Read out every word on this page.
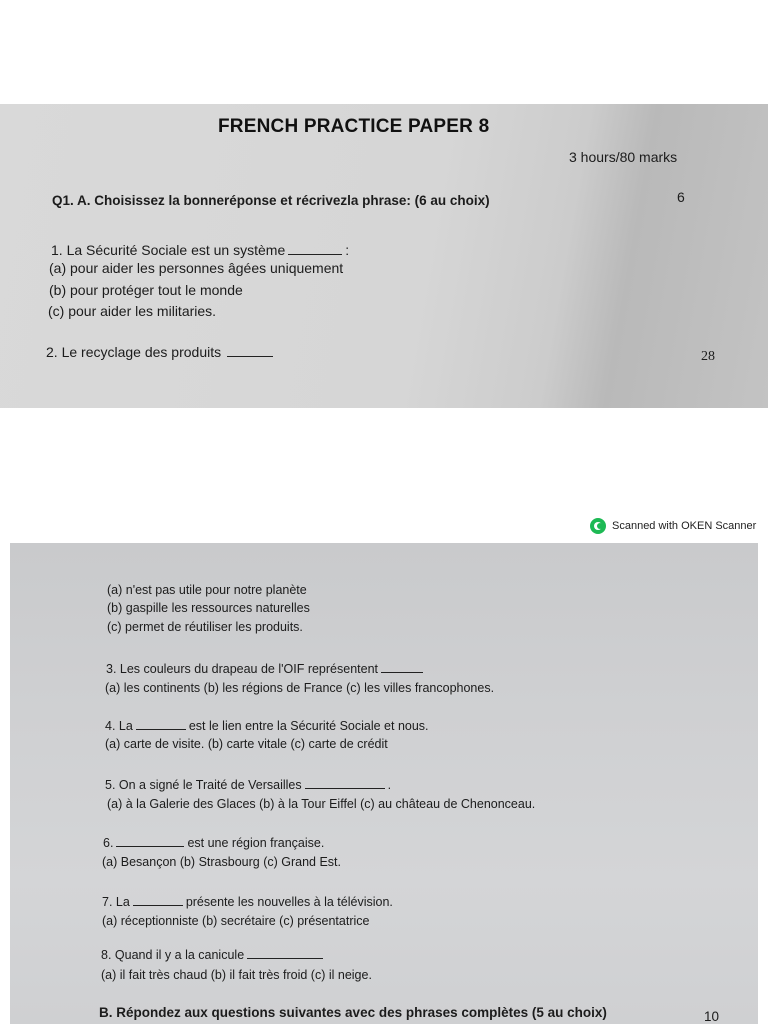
FRENCH PRACTICE PAPER 8
3 hours/80 marks
Q1. A. Choisissez la bonneréponse et récrivezla phrase: (6 au choix)	6
1. La Sécurité Sociale est un système	:
(a) pour aider les personnes âgées uniquement
(b) pour protéger tout le monde
(c) pour aider les militaries.
2. Le recyclage des produits	28
Scanned with OKEN Scanner
(a) n'est pas utile pour notre planète
(b) gaspille les ressources naturelles
(c) permet de réutiliser les produits.
3. Les couleurs du drapeau de l'OIF représentent
(a) les continents (b) les régions de France (c) les villes francophones.
4. La	est le lien entre la Sécurité Sociale et nous.
(a) carte de visite. (b) carte vitale (c) carte de crédit
5. On a signé le Traité de Versailles	.
(a) à la Galerie des Glaces (b) à la Tour Eiffel (c) au château de Chenonceau.
6.	est une région française.
(a) Besançon (b) Strasbourg (c) Grand Est.
7. La	présente les nouvelles à la télévision.
(a) réceptionniste (b) secrétaire (c) présentatrice
8. Quand il y a la canicule
(a) il fait très chaud (b) il fait très froid (c) il neige.
B. Répondez aux questions suivantes avec des phrases complètes (5 au choix)	10
